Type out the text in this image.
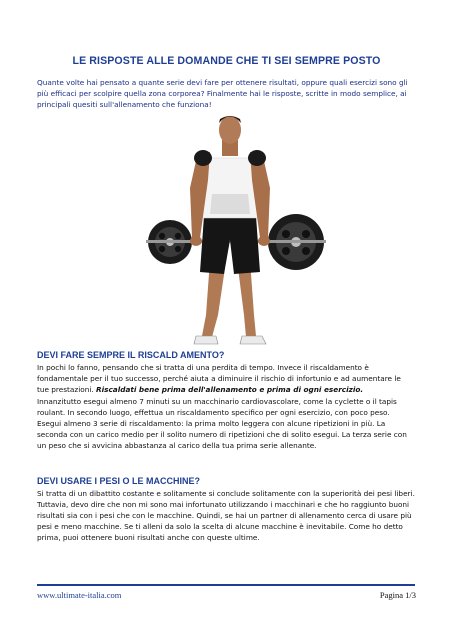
LE RISPOSTE ALLE DOMANDE CHE TI SEI SEMPRE POSTO
Quante volte hai pensato a quante serie devi fare per ottenere risultati, oppure quali esercizi sono gli più efficaci per scolpire quella zona corporea? Finalmente hai le risposte, scritte in modo semplice, ai principali quesiti sull'allenamento che funziona!
DEVI FARE SEMPRE IL RISCALD AMENTO?
In pochi lo fanno, pensando che si tratta di una perdita di tempo. Invece il riscaldamento è fondamentale per il tuo successo, perché aiuta a diminuire il rischio di infortunio e ad aumentare le tue prestazioni. Riscaldati bene prima dell'allenamento e prima di ogni esercizio.
Innanzitutto esegui almeno 7 minuti su un macchinario cardiovascolare, come la cyclette o il tapis roulant. In secondo luogo, effettua un riscaldamento specifico per ogni esercizio, con poco peso. Esegui almeno 3 serie di riscaldamento: la prima molto leggera con alcune ripetizioni in più. La seconda con un carico medio per il solito numero di ripetizioni che di solito esegui. La terza serie con un peso che si avvicina abbastanza al carico della tua prima serie allenante.
DEVI USARE I PESI O LE MACCHINE?
Si tratta di un dibattito costante e solitamente si conclude solitamente con la superiorità dei pesi liberi. Tuttavia, devo dire che non mi sono mai infortunato utilizzando i macchinari e che ho raggiunto buoni risultati sia con i pesi che con le macchine. Quindi, se hai un partner di allenamento cerca di usare più pesi e meno macchine. Se ti alleni da solo la scelta di alcune macchine è inevitabile. Come ho detto prima, puoi ottenere buoni risultati anche con queste ultime.
www.ultimate-italia.com	Pagina 1/3
